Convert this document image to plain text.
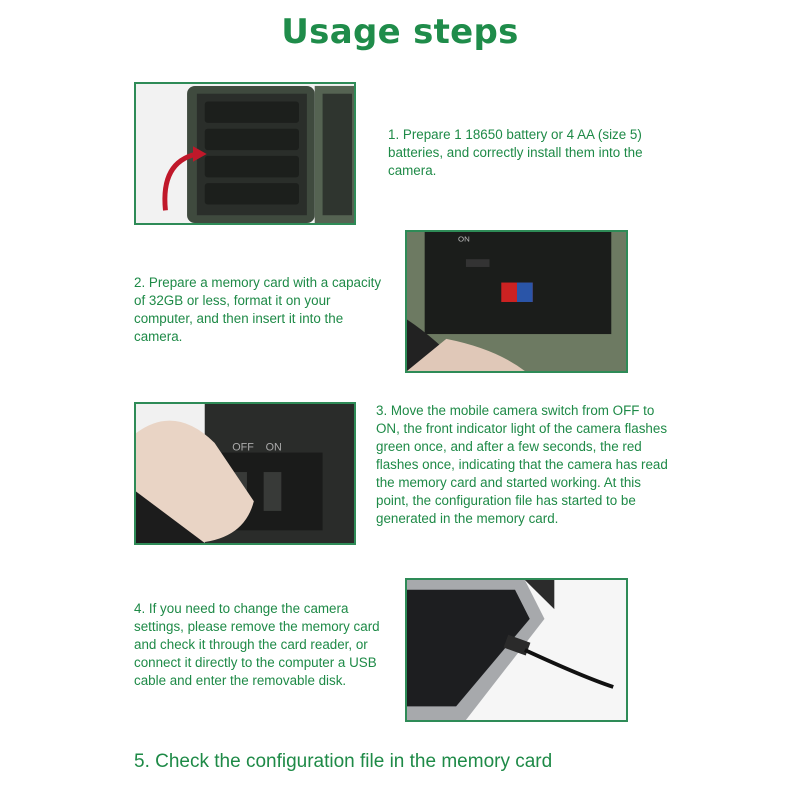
Usage steps
1. Prepare 1 18650 battery or 4 AA (size 5) batteries, and correctly install them into the camera.
2. Prepare a memory card with a capacity of 32GB or less, format it on your computer, and then insert it into the camera.
ON
OFF ON
3. Move the mobile camera switch from OFF to ON, the front indicator light of the camera flashes green once, and after a few seconds, the red flashes once, indicating that the camera has read the memory card and started working. At this point, the configuration file has started to be generated in the memory card.
4. If you need to change the camera settings, please remove the memory card and check it through the card reader, or connect it directly to the computer a USB cable and enter the removable disk.
5. Check the configuration file in the memory card
